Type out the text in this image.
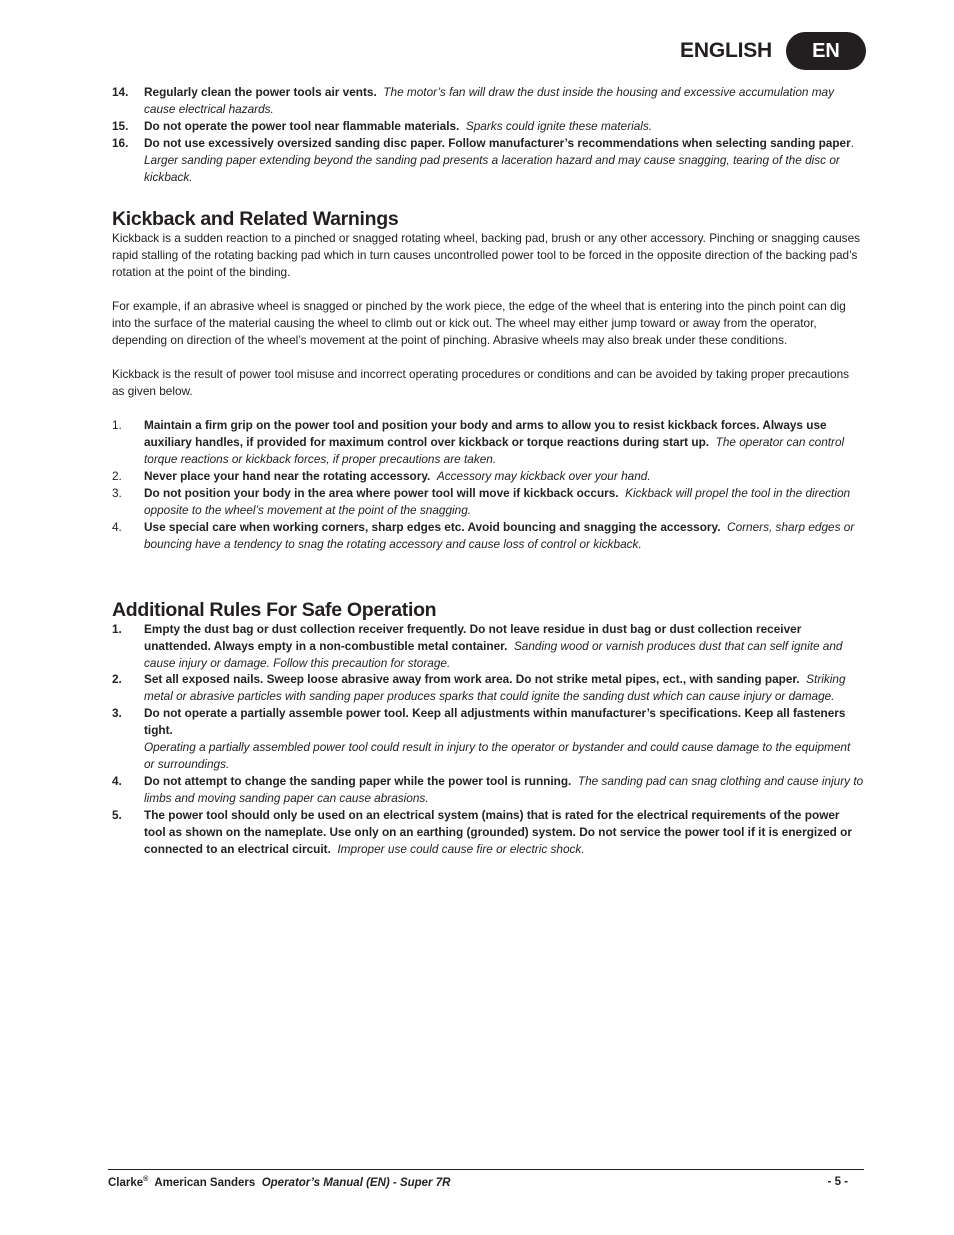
ENGLISH	EN
14. Regularly clean the power tools air vents. The motor’s fan will draw the dust inside the housing and excessive accumulation may cause electrical hazards.
15. Do not operate the power tool near flammable materials. Sparks could ignite these materials.
16. Do not use excessively oversized sanding disc paper. Follow manufacturer’s recommendations when selecting sanding paper.
Larger sanding paper extending beyond the sanding pad presents a laceration hazard and may cause snagging, tearing of the disc or kickback.
Kickback and Related Warnings

Kickback is a sudden reaction to a pinched or snagged rotating wheel, backing pad, brush or any other accessory. Pinching or snagging causes rapid stalling of the rotating backing pad which in turn causes uncontrolled power tool to be forced in the opposite direction of the backing pad’s rotation at the point of the binding.

For example, if an abrasive wheel is snagged or pinched by the work piece, the edge of the wheel that is entering into the pinch point can dig into the surface of the material causing the wheel to climb out or kick out. The wheel may either jump toward or away from the operator, depending on direction of the wheel’s movement at the point of pinching. Abrasive wheels may also break under these conditions.

Kickback is the result of power tool misuse and incorrect operating procedures or conditions and can be avoided by taking proper precautions as given below.

1. Maintain a firm grip on the power tool and position your body and arms to allow you to resist kickback forces. Always use auxiliary handles, if provided for maximum control over kickback or torque reactions during start up. The operator can control torque reactions or kickback forces, if proper precautions are taken.
2. Never place your hand near the rotating accessory. Accessory may kickback over your hand.
3. Do not position your body in the area where power tool will move if kickback occurs. Kickback will propel the tool in the direction opposite to the wheel’s movement at the point of the snagging.
4. Use special care when working corners, sharp edges etc. Avoid bouncing and snagging the accessory. Corners, sharp edges or bouncing have a tendency to snag the rotating accessory and cause loss of control or kickback.
Additional Rules For Safe Operation
1. Empty the dust bag or dust collection receiver frequently. Do not leave residue in dust bag or dust collection receiver unattended. Always empty in a non-combustible metal container. Sanding wood or varnish produces dust that can self ignite and cause injury or damage. Follow this precaution for storage.
2. Set all exposed nails. Sweep loose abrasive away from work area. Do not strike metal pipes, ect., with sanding paper. Striking metal or abrasive particles with sanding paper produces sparks that could ignite the sanding dust which can cause injury or damage.
3. Do not operate a partially assemble power tool. Keep all adjustments within manufacturer’s specifications. Keep all fasteners tight.
Operating a partially assembled power tool could result in injury to the operator or bystander and could cause damage to the equipment or surroundings.
4. Do not attempt to change the sanding paper while the power tool is running. The sanding pad can snag clothing and cause injury to limbs and moving sanding paper can cause abrasions.
5. The power tool should only be used on an electrical system (mains) that is rated for the electrical requirements of the power tool as shown on the nameplate. Use only on an earthing (grounded) system. Do not service the power tool if it is energized or connected to an electrical circuit. Improper use could cause fire or electric shock.
Clarke® American Sanders Operator’s Manual (EN) - Super 7R	- 5 -
